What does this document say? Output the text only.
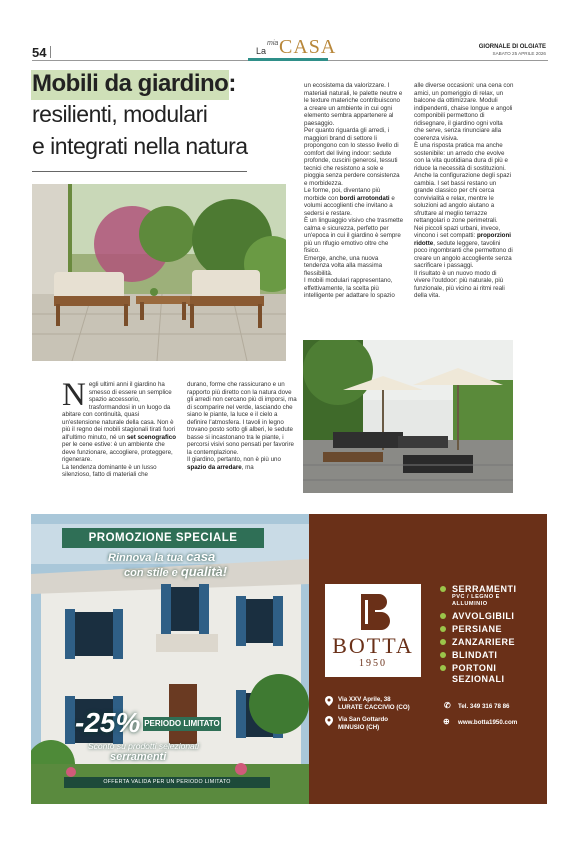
54	La
mia CASA	GIORNALE DI OLGIATE
SABATO 25 APRILE 2026
Mobili da giardino:
resilienti, modulari
e integrati nella natura
N egli ultimi anni il giardino ha smesso di essere un semplice spazio accessorio, trasformandosi in un luogo da abitare con continuità, quasi un'estensione naturale della casa. Non è più il regno dei mobili stagionali tirati fuori all'ultimo minuto, né un set scenografico per le cene estive: è un ambiente che deve funzionare, accogliere, proteggere, rigenerare.

La tendenza dominante è un lusso silenzioso, fatto di materiali che

durano, forme che rassicurano e un rapporto più diretto con la natura dove gli arredi non cercano più di imporsi, ma di scomparire nel verde, lasciando che siano le piante, la luce e il cielo a definire l'atmosfera. I tavoli in legno trovano posto sotto gli alberi, le sedute basse si incastonano tra le piante, i percorsi visivi sono pensati per favorire la contemplazione.

Il giardino, pertanto, non è più uno spazio da arredare, ma

un ecosistema da valorizzare. I materiali naturali, le palette neutre e le texture materiche contribuiscono a creare un ambiente in cui ogni elemento sembra appartenere al paesaggio.

Per quanto riguarda gli arredi, i maggiori brand di settore li propongono con lo stesso livello di comfort del living indoor: sedute profonde, cuscini generosi, tessuti tecnici che resistono a sole e pioggia senza perdere consistenza e morbidezza.

Le forme, poi, diventano più morbide con bordi arrotondati e volumi accoglienti che invitano a sedersi e restare.

È un linguaggio visivo che trasmette calma e sicurezza, perfetto per un'epoca in cui il giardino è sempre più un rifugio emotivo oltre che fisico.

Emerge, anche, una nuova tendenza volta alla massima flessibilità.

I mobili modulari rappresentano, effettivamente, la scelta più intelligente per adattare lo spazio

alle diverse occasioni: una cena con amici, un pomeriggio di relax, un balcone da ottimizzare. Moduli indipendenti, chaise longue e angoli componibili permettono di ridisegnare, il giardino ogni volta che serve, senza rinunciare alla coerenza visiva.

È una risposta pratica ma anche sostenibile: un arredo che evolve con la vita quotidiana dura di più e riduce la necessità di sostituzioni.

Anche la configurazione degli spazi cambia. I set bassi restano un grande classico per chi cerca convivialità e relax, mentre le soluzioni ad angolo aiutano a sfruttare al meglio terrazze rettangolari o zone perimetrali.

Nei piccoli spazi urbani, invece, vincono i set compatti: proporzioni ridotte, sedute leggere, tavolini poco ingombranti che permettono di creare un angolo accogliente senza sacrificare i passaggi.

Il risultato è un nuovo modo di vivere l'outdoor: più naturale, più funzionale, più vicino ai ritmi reali della vita.

PROMOZIONE SPECIALE
Rinnova la tua casa
con stile e qualità!
-25% PERIODO LIMITATO
Sconto su prodotti selezionati
serramenti
OFFERTA VALIDA PER UN PERIODO LIMITATO
BOTTA
1950
SERRAMENTI
PVC / LEGNO E ALLUMINIO
AVVOLGIBILI
PERSIANE
ZANZARIERE
BLINDATI
PORTONI SEZIONALI
Via XXV Aprile, 38
LURATE CACCIVIO (CO)
Via San Gottardo
MINUSIO (CH)
✆ Tel. 349 316 78 86
⊕ www.botta1950.com
